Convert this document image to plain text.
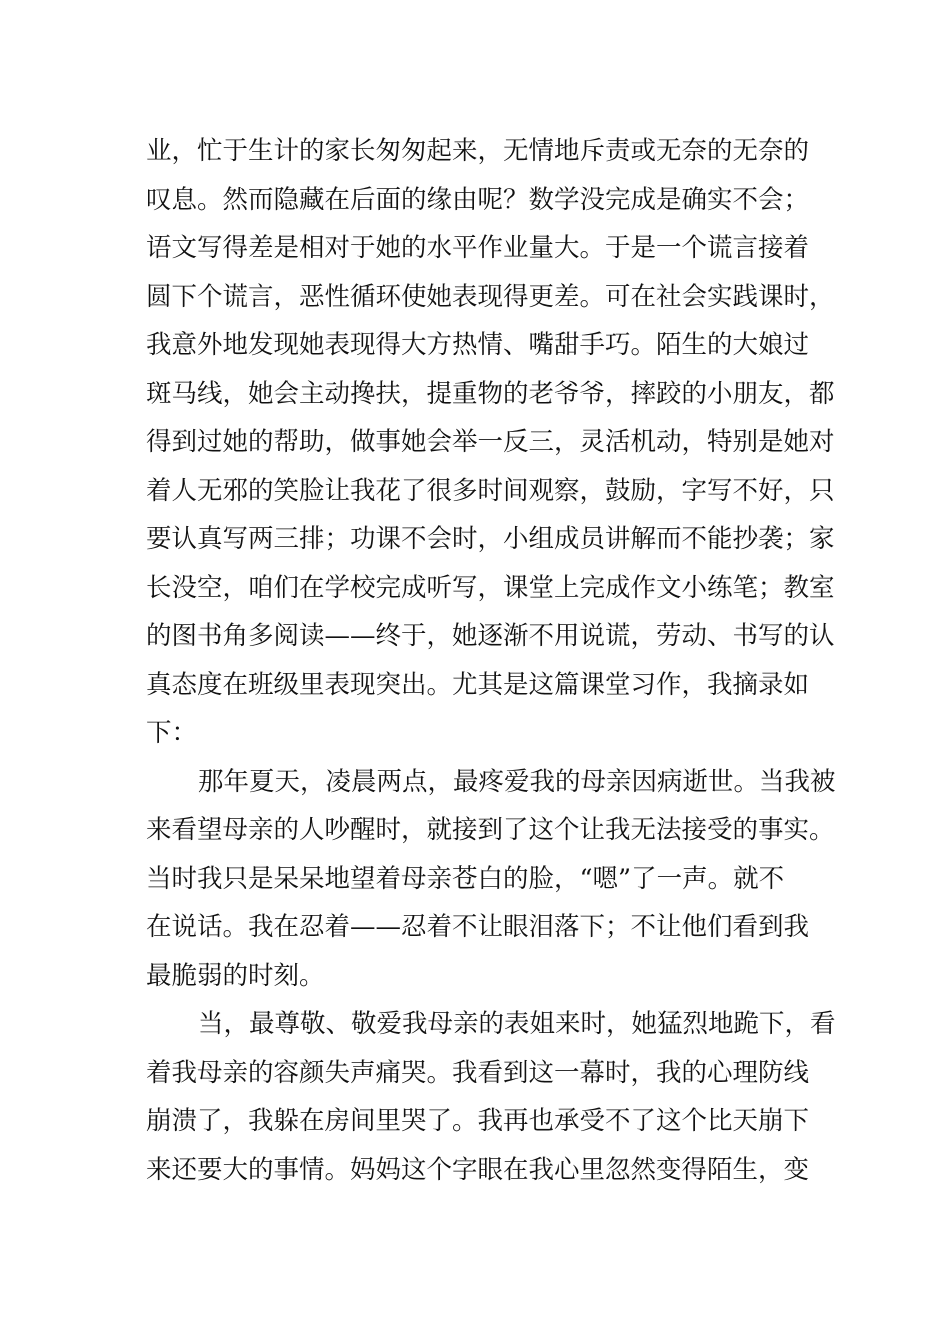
业，忙于生计的家长匆匆起来，无情地斥责或无奈的无奈的
叹息。然而隐藏在后面的缘由呢？数学没完成是确实不会；
语文写得差是相对于她的水平作业量大。于是一个谎言接着
圆下个谎言，恶性循环使她表现得更差。可在社会实践课时，
我意外地发现她表现得大方热情、嘴甜手巧。陌生的大娘过
斑马线，她会主动搀扶，提重物的老爷爷，摔跤的小朋友，都
得到过她的帮助，做事她会举一反三，灵活机动，特别是她对
着人无邪的笑脸让我花了很多时间观察，鼓励，字写不好，只
要认真写两三排；功课不会时，小组成员讲解而不能抄袭；家
长没空，咱们在学校完成听写，课堂上完成作文小练笔；教室
的图书角多阅读——终于，她逐渐不用说谎，劳动、书写的认
真态度在班级里表现突出。尤其是这篇课堂习作，我摘录如
下：
那年夏天，凌晨两点，最疼爱我的母亲因病逝世。当我被
来看望母亲的人吵醒时，就接到了这个让我无法接受的事实。
当时我只是呆呆地望着母亲苍白的脸，“嗯”了一声。就不
在说话。我在忍着——忍着不让眼泪落下；不让他们看到我
最脆弱的时刻。
当，最尊敬、敬爱我母亲的表姐来时，她猛烈地跪下，看
着我母亲的容颜失声痛哭。我看到这一幕时，我的心理防线
崩溃了，我躲在房间里哭了。我再也承受不了这个比天崩下
来还要大的事情。妈妈这个字眼在我心里忽然变得陌生，变
